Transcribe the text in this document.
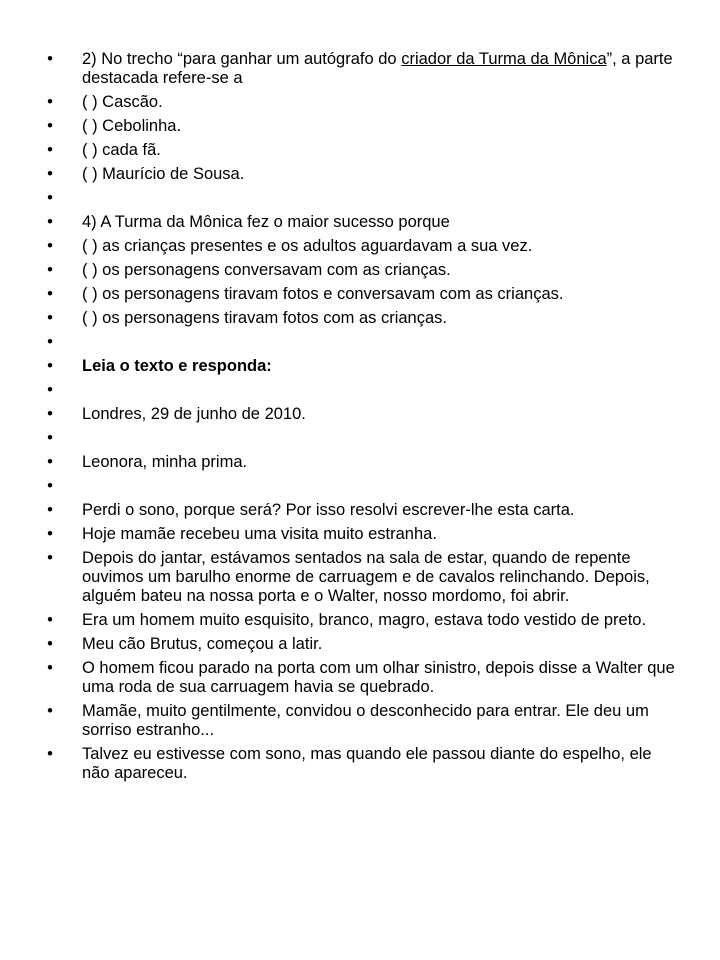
• 2) No trecho “para ganhar um autógrafo do criador da Turma da Mônica”, a parte destacada refere-se a
• ( ) Cascão.
• ( ) Cebolinha.
• ( ) cada fã.
• ( ) Maurício de Sousa.
•
• 4) A Turma da Mônica fez o maior sucesso porque
• ( ) as crianças presentes e os adultos aguardavam a sua vez.
• ( ) os personagens conversavam com as crianças.
• ( ) os personagens tiravam fotos e conversavam com as crianças.
• ( ) os personagens tiravam fotos com as crianças.
•
• Leia o texto e responda:
•
• Londres, 29 de junho de 2010.
•
• Leonora, minha prima.
•
• Perdi o sono, porque será? Por isso resolvi escrever-lhe esta carta.
• Hoje mamãe recebeu uma visita muito estranha.
• Depois do jantar, estávamos sentados na sala de estar, quando de repente ouvimos um barulho enorme de carruagem e de cavalos relinchando. Depois, alguém bateu na nossa porta e o Walter, nosso mordomo, foi abrir.
• Era um homem muito esquisito, branco, magro, estava todo vestido de preto.
• Meu cão Brutus, começou a latir.
• O homem ficou parado na porta com um olhar sinistro, depois disse a Walter que uma roda de sua carruagem havia se quebrado.
• Mamãe, muito gentilmente, convidou o desconhecido para entrar. Ele deu um sorriso estranho...
• Talvez eu estivesse com sono, mas quando ele passou diante do espelho, ele não apareceu.
